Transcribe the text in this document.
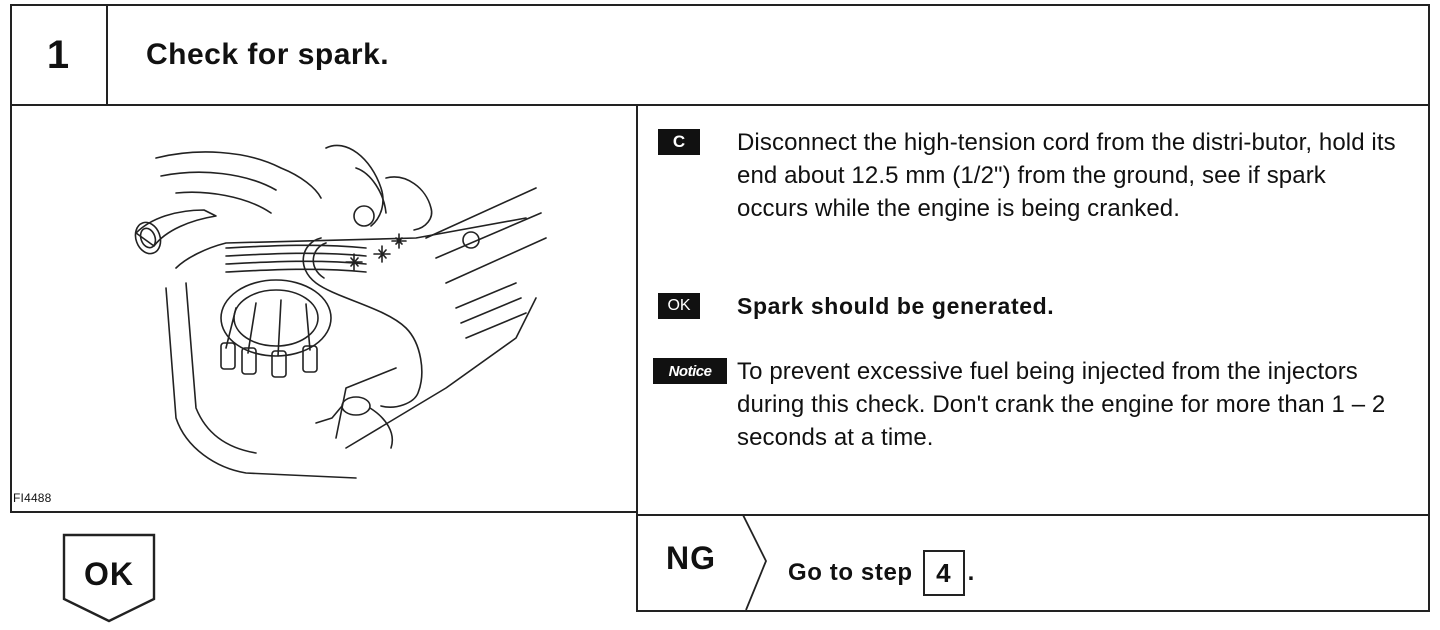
1	Check for spark.
FI4488
C	Disconnect the high-tension cord from the distri-butor, hold its end about 12.5 mm (1/2") from the ground, see if spark occurs while the engine is being cranked.
OK	Spark should be generated.
Notice	To prevent excessive fuel being injected from the injectors during this check. Don't crank the engine for more than 1 – 2 seconds at a time.
NG	Go to step 4 .
OK
